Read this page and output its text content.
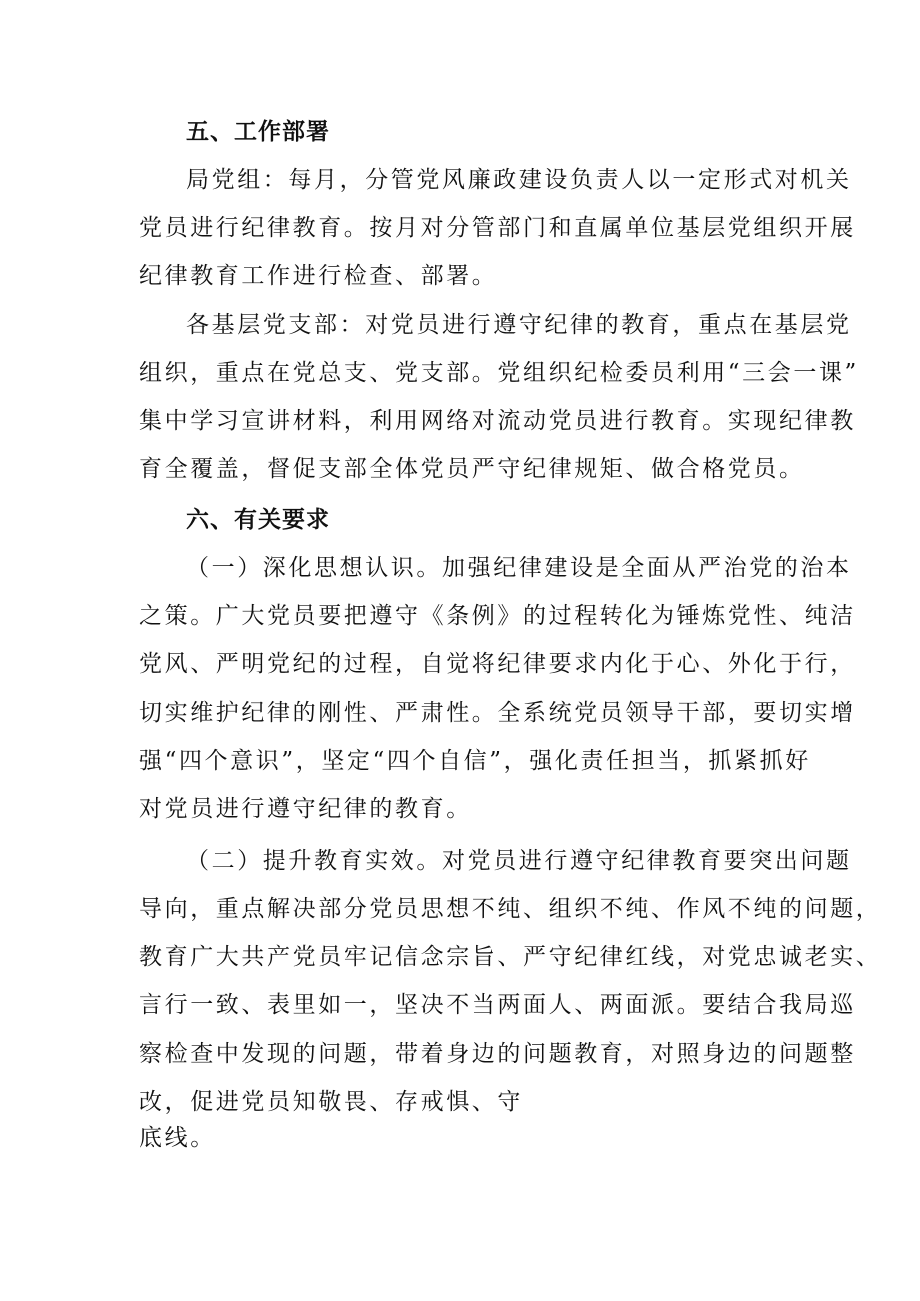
五、工作部署
局党组：每月，分管党风廉政建设负责人以一定形式对机关
党员进行纪律教育。按月对分管部门和直属单位基层党组织开展
纪律教育工作进行检查、部署。
各基层党支部：对党员进行遵守纪律的教育，重点在基层党
组织，重点在党总支、党支部。党组织纪检委员利用“三会一课”
集中学习宣讲材料，利用网络对流动党员进行教育。实现纪律教
育全覆盖，督促支部全体党员严守纪律规矩、做合格党员。
六、有关要求
（一）深化思想认识。加强纪律建设是全面从严治党的治本
之策。广大党员要把遵守《条例》的过程转化为锤炼党性、纯洁
党风、严明党纪的过程，自觉将纪律要求内化于心、外化于行，
切实维护纪律的刚性、严肃性。全系统党员领导干部，要切实增
强“四个意识”，坚定“四个自信”，强化责任担当，抓紧抓好
对党员进行遵守纪律的教育。
（二）提升教育实效。对党员进行遵守纪律教育要突出问题
导向，重点解决部分党员思想不纯、组织不纯、作风不纯的问题，
教育广大共产党员牢记信念宗旨、严守纪律红线，对党忠诚老实、
言行一致、表里如一，坚决不当两面人、两面派。要结合我局巡
察检查中发现的问题，带着身边的问题教育，对照身边的问题整
改，促进党员知敬畏、存戒惧、守
底线。
